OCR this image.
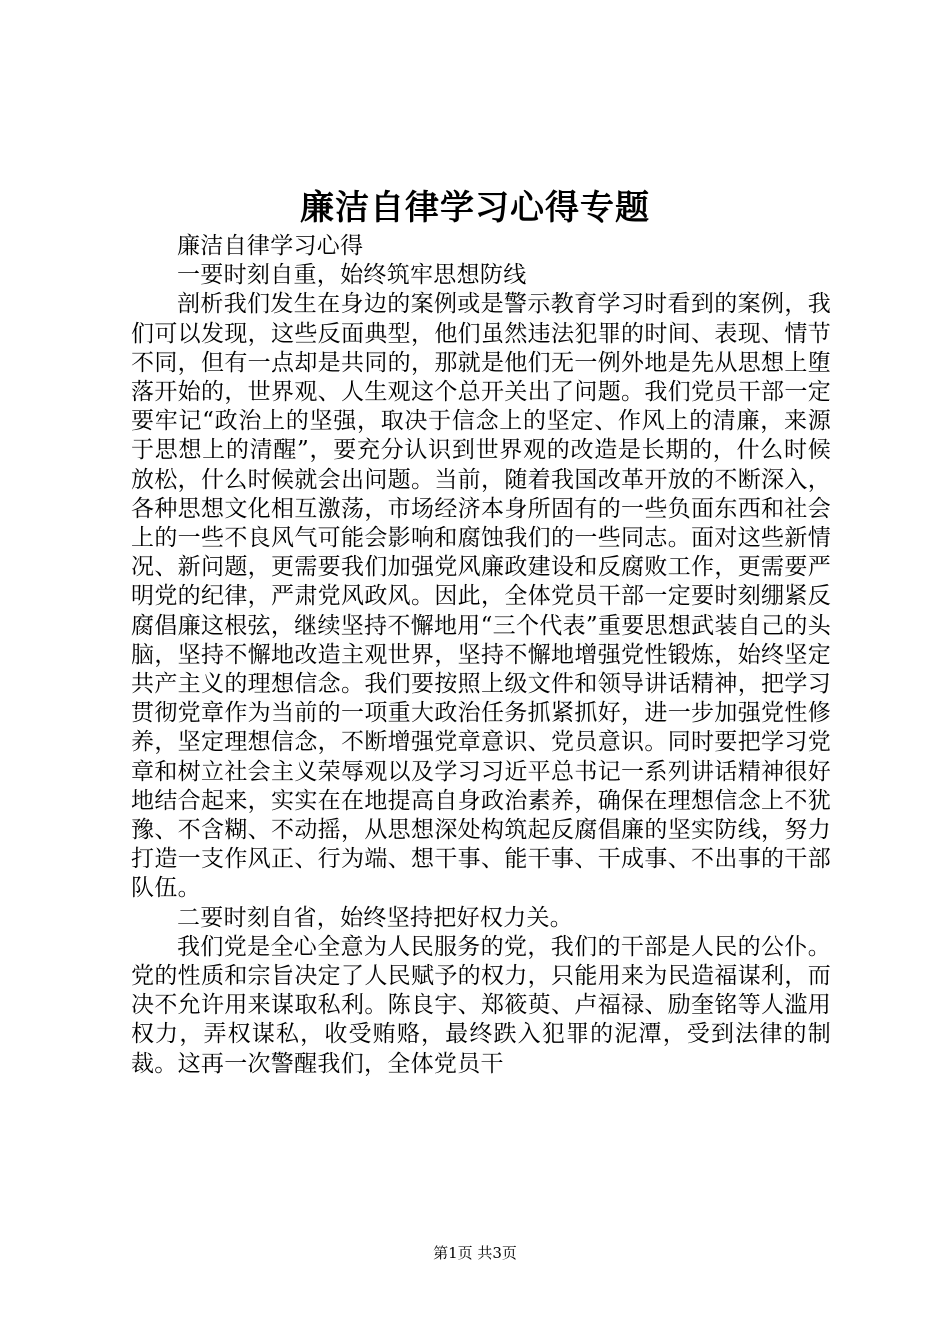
廉洁自律学习心得专题

廉洁自律学习心得

一要时刻自重，始终筑牢思想防线

剖析我们发生在身边的案例或是警示教育学习时看到的案例，我们可以发现，这些反面典型，他们虽然违法犯罪的时间、表现、情节不同，但有一点却是共同的，那就是他们无一例外地是先从思想上堕落开始的，世界观、人生观这个总开关出了问题。我们党员干部一定要牢记“政治上的坚强，取决于信念上的坚定、作风上的清廉，来源于思想上的清醒”，要充分认识到世界观的改造是长期的，什么时候放松，什么时候就会出问题。当前，随着我国改革开放的不断深入，各种思想文化相互激荡，市场经济本身所固有的一些负面东西和社会上的一些不良风气可能会影响和腐蚀我们的一些同志。面对这些新情况、新问题，更需要我们加强党风廉政建设和反腐败工作，更需要严明党的纪律，严肃党风政风。因此，全体党员干部一定要时刻绷紧反腐倡廉这根弦，继续坚持不懈地用“三个代表”重要思想武装自己的头脑，坚持不懈地改造主观世界，坚持不懈地增强党性锻炼，始终坚定共产主义的理想信念。我们要按照上级文件和领导讲话精神，把学习贯彻党章作为当前的一项重大政治任务抓紧抓好，进一步加强党性修养，坚定理想信念，不断增强党章意识、党员意识。同时要把学习党章和树立社会主义荣辱观以及学习习近平总书记一系列讲话精神很好地结合起来，实实在在地提高自身政治素养，确保在理想信念上不犹豫、不含糊、不动摇，从思想深处构筑起反腐倡廉的坚实防线，努力打造一支作风正、行为端、想干事、能干事、干成事、不出事的干部队伍。

二要时刻自省，始终坚持把好权力关。

我们党是全心全意为人民服务的党，我们的干部是人民的公仆。党的性质和宗旨决定了人民赋予的权力，只能用来为民造福谋利，而决不允许用来谋取私利。陈良宇、郑筱萸、卢福禄、励奎铭等人滥用权力，弄权谋私，收受贿赂，最终跌入犯罪的泥潭，受到法律的制裁。这再一次警醒我们，全体党员干

第1页 共3页
